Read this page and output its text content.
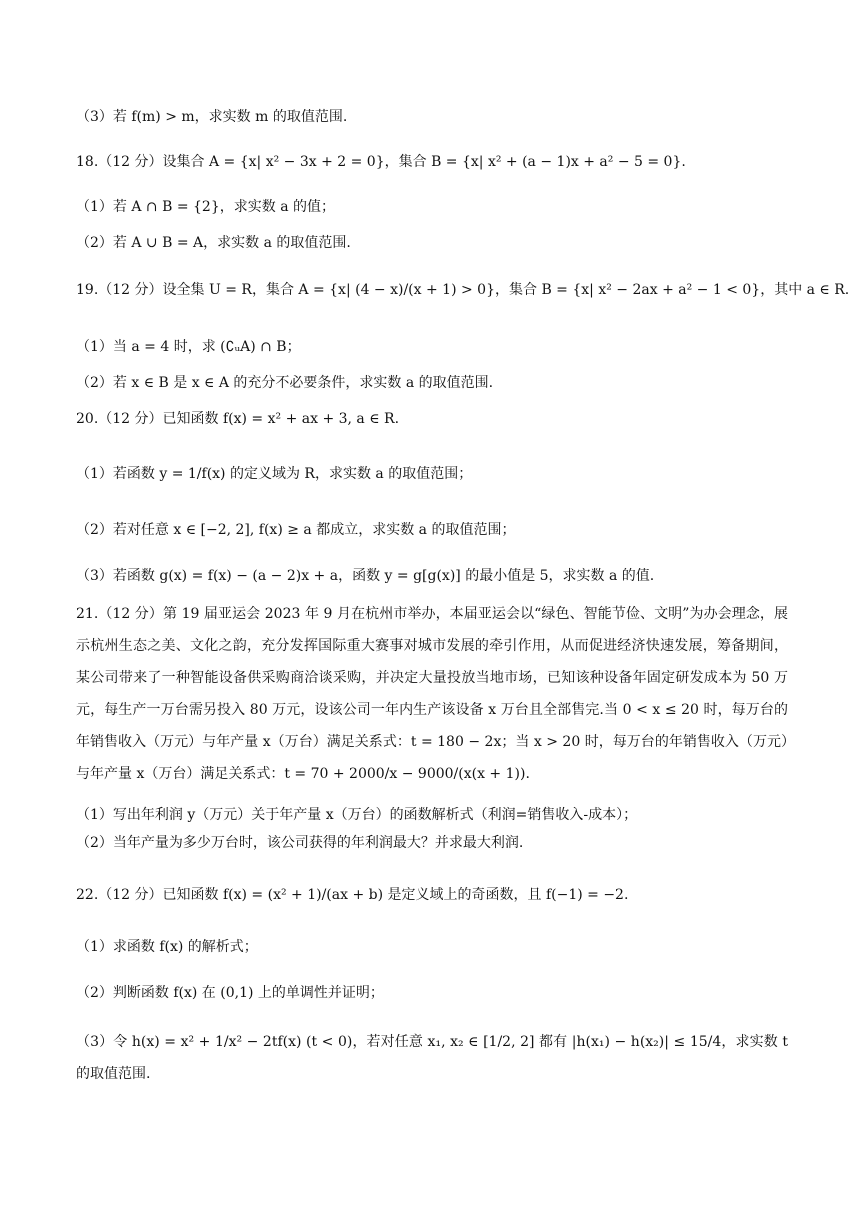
（3）若 f(m) > m，求实数 m 的取值范围.
18.（12 分）设集合 A = {x| x² − 3x + 2 = 0}，集合 B = {x| x² + (a − 1)x + a² − 5 = 0}.
（1）若 A ∩ B = {2}，求实数 a 的值；
（2）若 A ∪ B = A，求实数 a 的取值范围.
19.（12 分）设全集 U = R，集合 A = {x| (4 − x)/(x + 1) > 0}，集合 B = {x| x² − 2ax + a² − 1 < 0}，其中 a ∈ R.
（1）当 a = 4 时，求 (∁ᵤA) ∩ B；
（2）若 x ∈ B 是 x ∈ A 的充分不必要条件，求实数 a 的取值范围.
20.（12 分）已知函数 f(x) = x² + ax + 3, a ∈ R.
（1）若函数 y = 1/f(x) 的定义域为 R，求实数 a 的取值范围；
（2）若对任意 x ∈ [−2, 2], f(x) ≥ a 都成立，求实数 a 的取值范围；
（3）若函数 g(x) = f(x) − (a − 2)x + a，函数 y = g[g(x)] 的最小值是 5，求实数 a 的值.
21.（12 分）第 19 届亚运会 2023 年 9 月在杭州市举办，本届亚运会以“绿色、智能节俭、文明”为办会理念，展示杭州生态之美、文化之韵，充分发挥国际重大赛事对城市发展的牵引作用，从而促进经济快速发展，筹备期间，某公司带来了一种智能设备供采购商洽谈采购，并决定大量投放当地市场，已知该种设备年固定研发成本为 50 万元，每生产一万台需另投入 80 万元，设该公司一年内生产该设备 x 万台且全部售完.当 0 < x ≤ 20 时，每万台的年销售收入（万元）与年产量 x（万台）满足关系式：t = 180 − 2x；当 x > 20 时，每万台的年销售收入（万元）与年产量 x（万台）满足关系式：t = 70 + 2000/x − 9000/(x(x + 1)).
（1）写出年利润 y（万元）关于年产量 x（万台）的函数解析式（利润=销售收入-成本）；
（2）当年产量为多少万台时，该公司获得的年利润最大？并求最大利润.
22.（12 分）已知函数 f(x) = (x² + 1)/(ax + b) 是定义域上的奇函数，且 f(−1) = −2.
（1）求函数 f(x) 的解析式；
（2）判断函数 f(x) 在 (0,1) 上的单调性并证明；
（3）令 h(x) = x² + 1/x² − 2tf(x) (t < 0)，若对任意 x₁, x₂ ∈ [1/2, 2] 都有 |h(x₁) − h(x₂)| ≤ 15/4，求实数 t 的取值范围.
